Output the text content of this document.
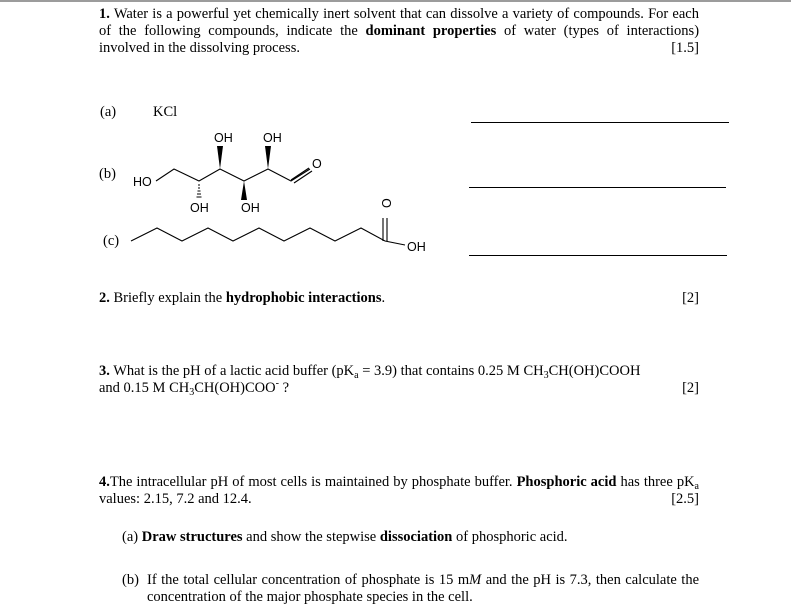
1. Water is a powerful yet chemically inert solvent that can dissolve a variety of compounds. For each of the following compounds, indicate the dominant properties of water (types of interactions) involved in the dissolving process.	[1.5]
(a)	KCl
(b)
OH OH
HO
OH	OH
O
(c)
O
OH
2. Briefly explain the hydrophobic interactions.	[2]
3. What is the pH of a lactic acid buffer $(pK_a = 3.9)$ that contains 0.25 M $CH_3CH(OH)COOH$
and 0.15 M $CH_3CH(OH)COO^-$ ?	[2]
4.The intracellular pH of most cells is maintained by phosphate buffer. Phosphoric acid has three $pK_a$ values: 2.15, 7.2 and 12.4.	[2.5]
(a) Draw structures and show the stepwise dissociation of phosphoric acid.
(b) If the total cellular concentration of phosphate is 15 mM and the pH is 7.3, then calculate the concentration of the major phosphate species in the cell.
